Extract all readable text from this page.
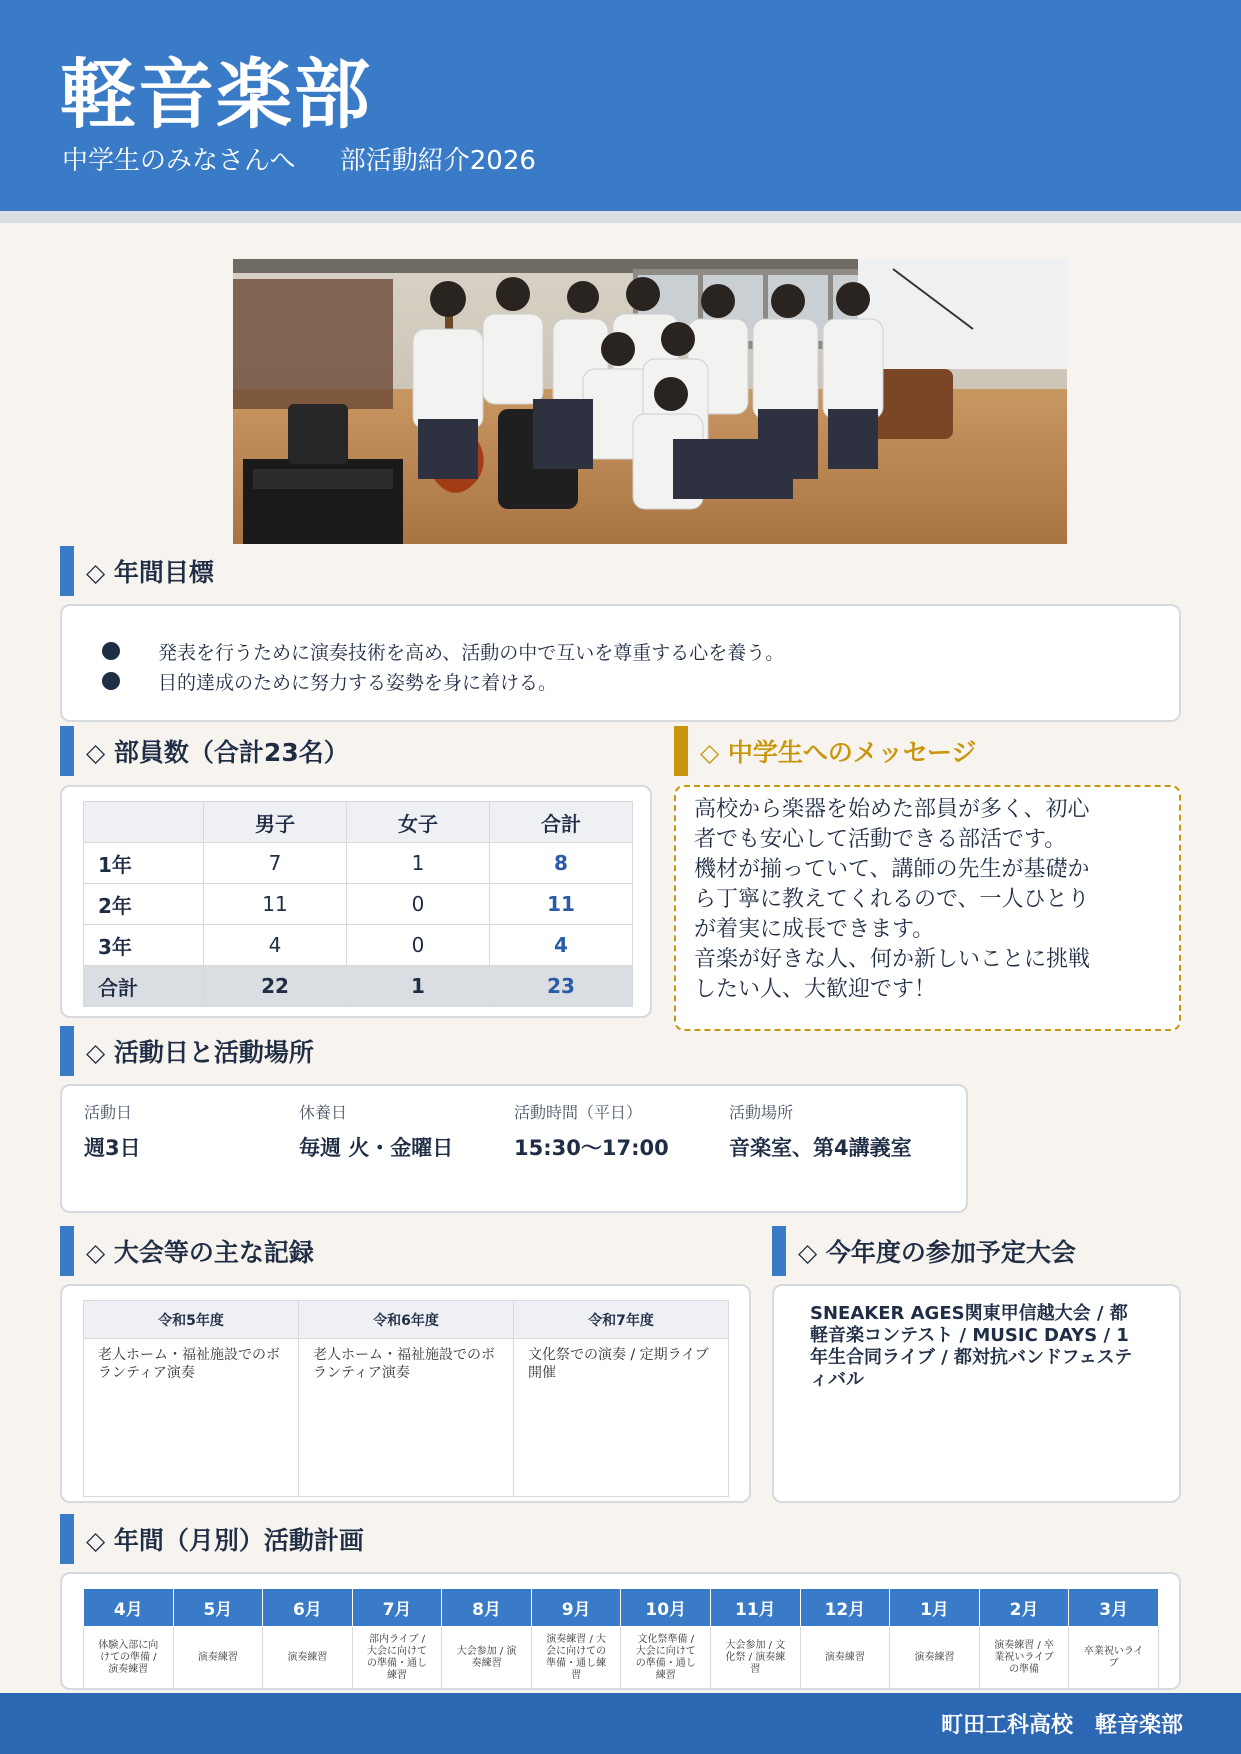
軽音楽部
中学生のみなさんへ 部活動紹介2026
◇ 年間目標
発表を行うために演奏技術を高め、活動の中で互いを尊重する心を養う。
目的達成のために努力する姿勢を身に着ける。
◇ 部員数（合計23名）
	男子	女子	合計
1年	7	1	8
2年	11	0	11
3年	4	0	4
合計	22	1	23
◇ 中学生へのメッセージ
高校から楽器を始めた部員が多く、初心
者でも安心して活動できる部活です。
機材が揃っていて、講師の先生が基礎か
ら丁寧に教えてくれるので、一人ひとり
が着実に成長できます。
音楽が好きな人、何か新しいことに挑戦
したい人、大歓迎です！
◇ 活動日と活動場所
活動日
週3日
休養日
毎週 火・金曜日
活動時間（平日）
15:30〜17:00
活動場所
音楽室、第4講義室
◇ 大会等の主な記録
令和5年度	令和6年度	令和7年度
老人ホーム・福祉施設でのボランティア演奏	老人ホーム・福祉施設でのボランティア演奏	文化祭での演奏 / 定期ライブ開催
◇ 今年度の参加予定大会
SNEAKER AGES関東甲信越大会 / 都軽音楽コンテスト / MUSIC DAYS / 1年生合同ライブ / 都対抗バンドフェスティバル
◇ 年間（月別）活動計画
4月	5月	6月	7月	8月	9月	10月	11月	12月	1月	2月	3月
体験入部に向けての準備 / 演奏練習	演奏練習	演奏練習	部内ライブ / 大会に向けての準備・通し練習	大会参加 / 演奏練習	演奏練習 / 大会に向けての準備・通し練習	文化祭準備 / 大会に向けての準備・通し練習	大会参加 / 文化祭 / 演奏練習	演奏練習	演奏練習	演奏練習 / 卒業祝いライブの準備	卒業祝いライブ
町田工科高校　軽音楽部
